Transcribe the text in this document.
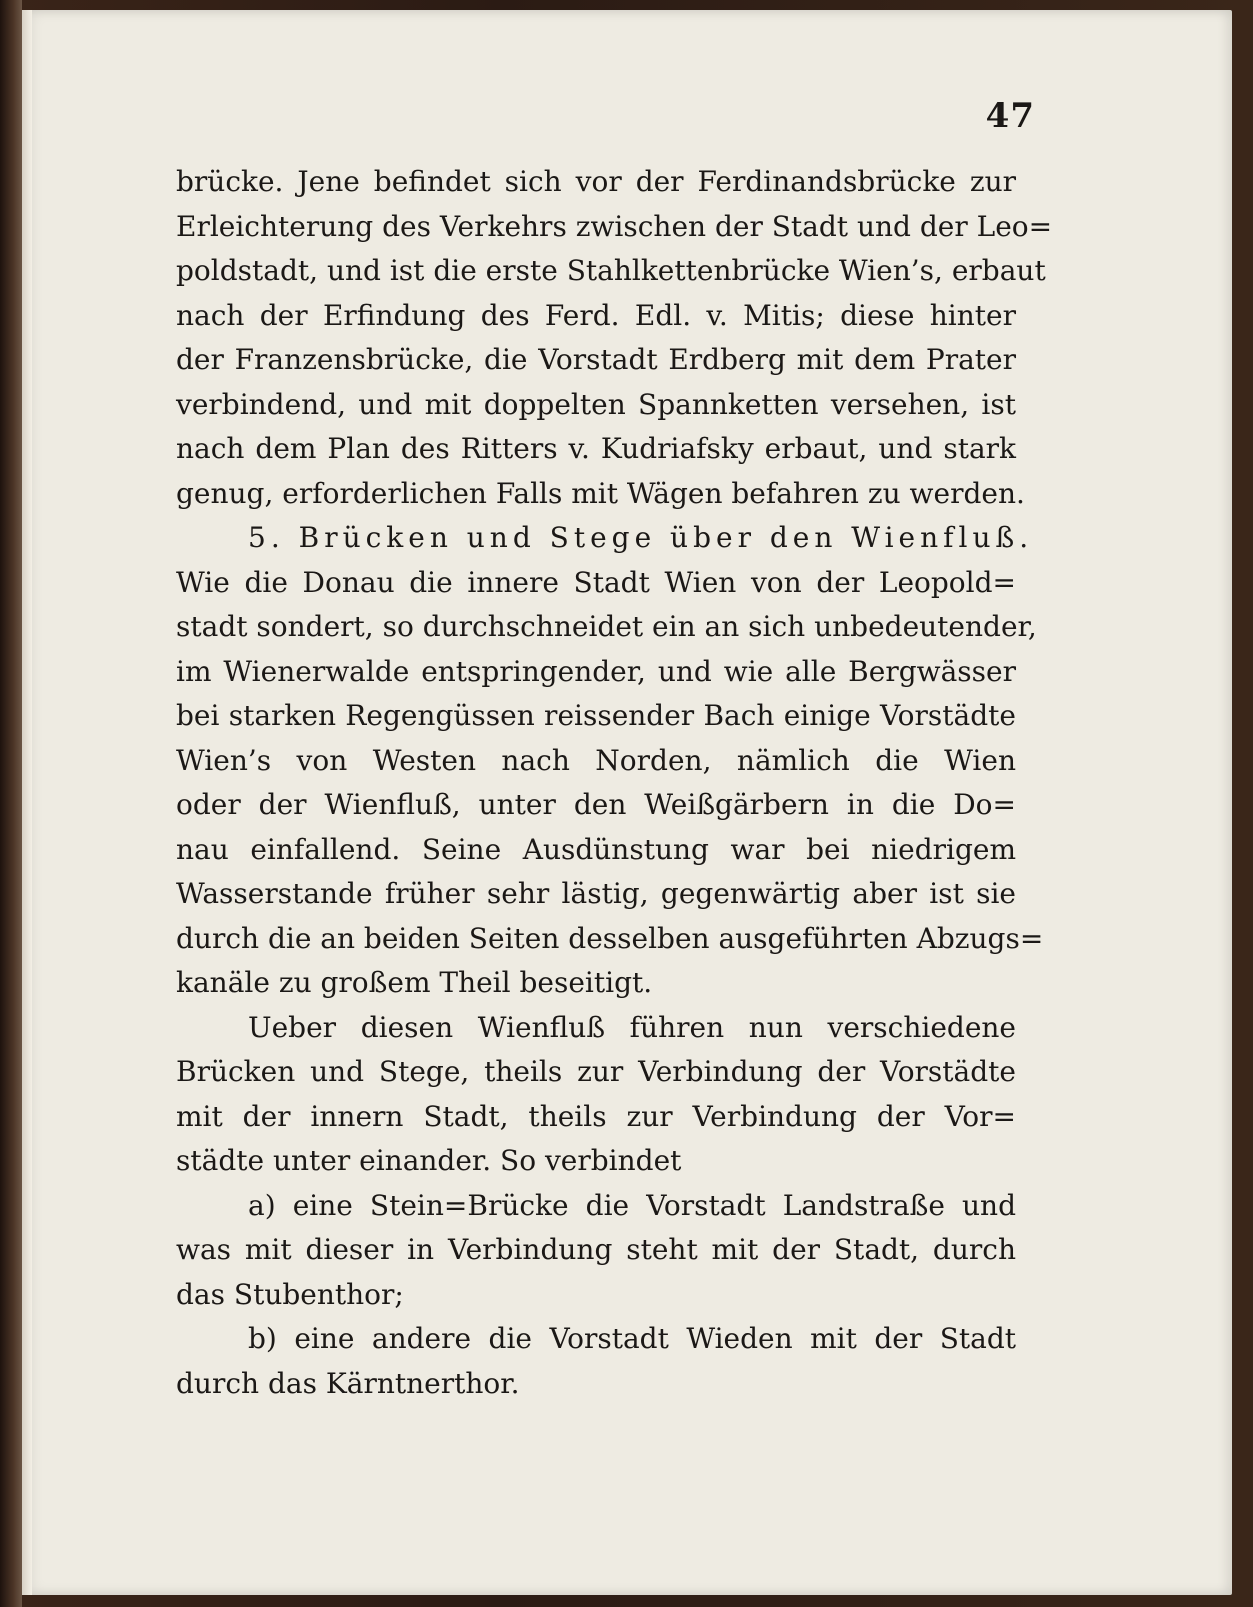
47
brücke. Jene befindet sich vor der Ferdinandsbrücke zur
Erleichterung des Verkehrs zwischen der Stadt und der Leo=
poldstadt, und ist die erste Stahlkettenbrücke Wien’s, erbaut
nach der Erfindung des Ferd. Edl. v. Mitis; diese hinter
der Franzensbrücke, die Vorstadt Erdberg mit dem Prater
verbindend, und mit doppelten Spannketten versehen, ist
nach dem Plan des Ritters v. Kudriafsky erbaut, und stark
genug, erforderlichen Falls mit Wägen befahren zu werden.
5. Brücken und Stege über den Wienfluß.
Wie die Donau die innere Stadt Wien von der Leopold=
stadt sondert, so durchschneidet ein an sich unbedeutender,
im Wienerwalde entspringender, und wie alle Bergwässer
bei starken Regengüssen reissender Bach einige Vorstädte
Wien’s von Westen nach Norden, nämlich die Wien
oder der Wienfluß, unter den Weißgärbern in die Do=
nau einfallend. Seine Ausdünstung war bei niedrigem
Wasserstande früher sehr lästig, gegenwärtig aber ist sie
durch die an beiden Seiten desselben ausgeführten Abzugs=
kanäle zu großem Theil beseitigt.
Ueber diesen Wienfluß führen nun verschiedene
Brücken und Stege, theils zur Verbindung der Vorstädte
mit der innern Stadt, theils zur Verbindung der Vor=
städte unter einander. So verbindet
a) eine Stein=Brücke die Vorstadt Landstraße und
was mit dieser in Verbindung steht mit der Stadt, durch
das Stubenthor;
b) eine andere die Vorstadt Wieden mit der Stadt
durch das Kärntnerthor.
